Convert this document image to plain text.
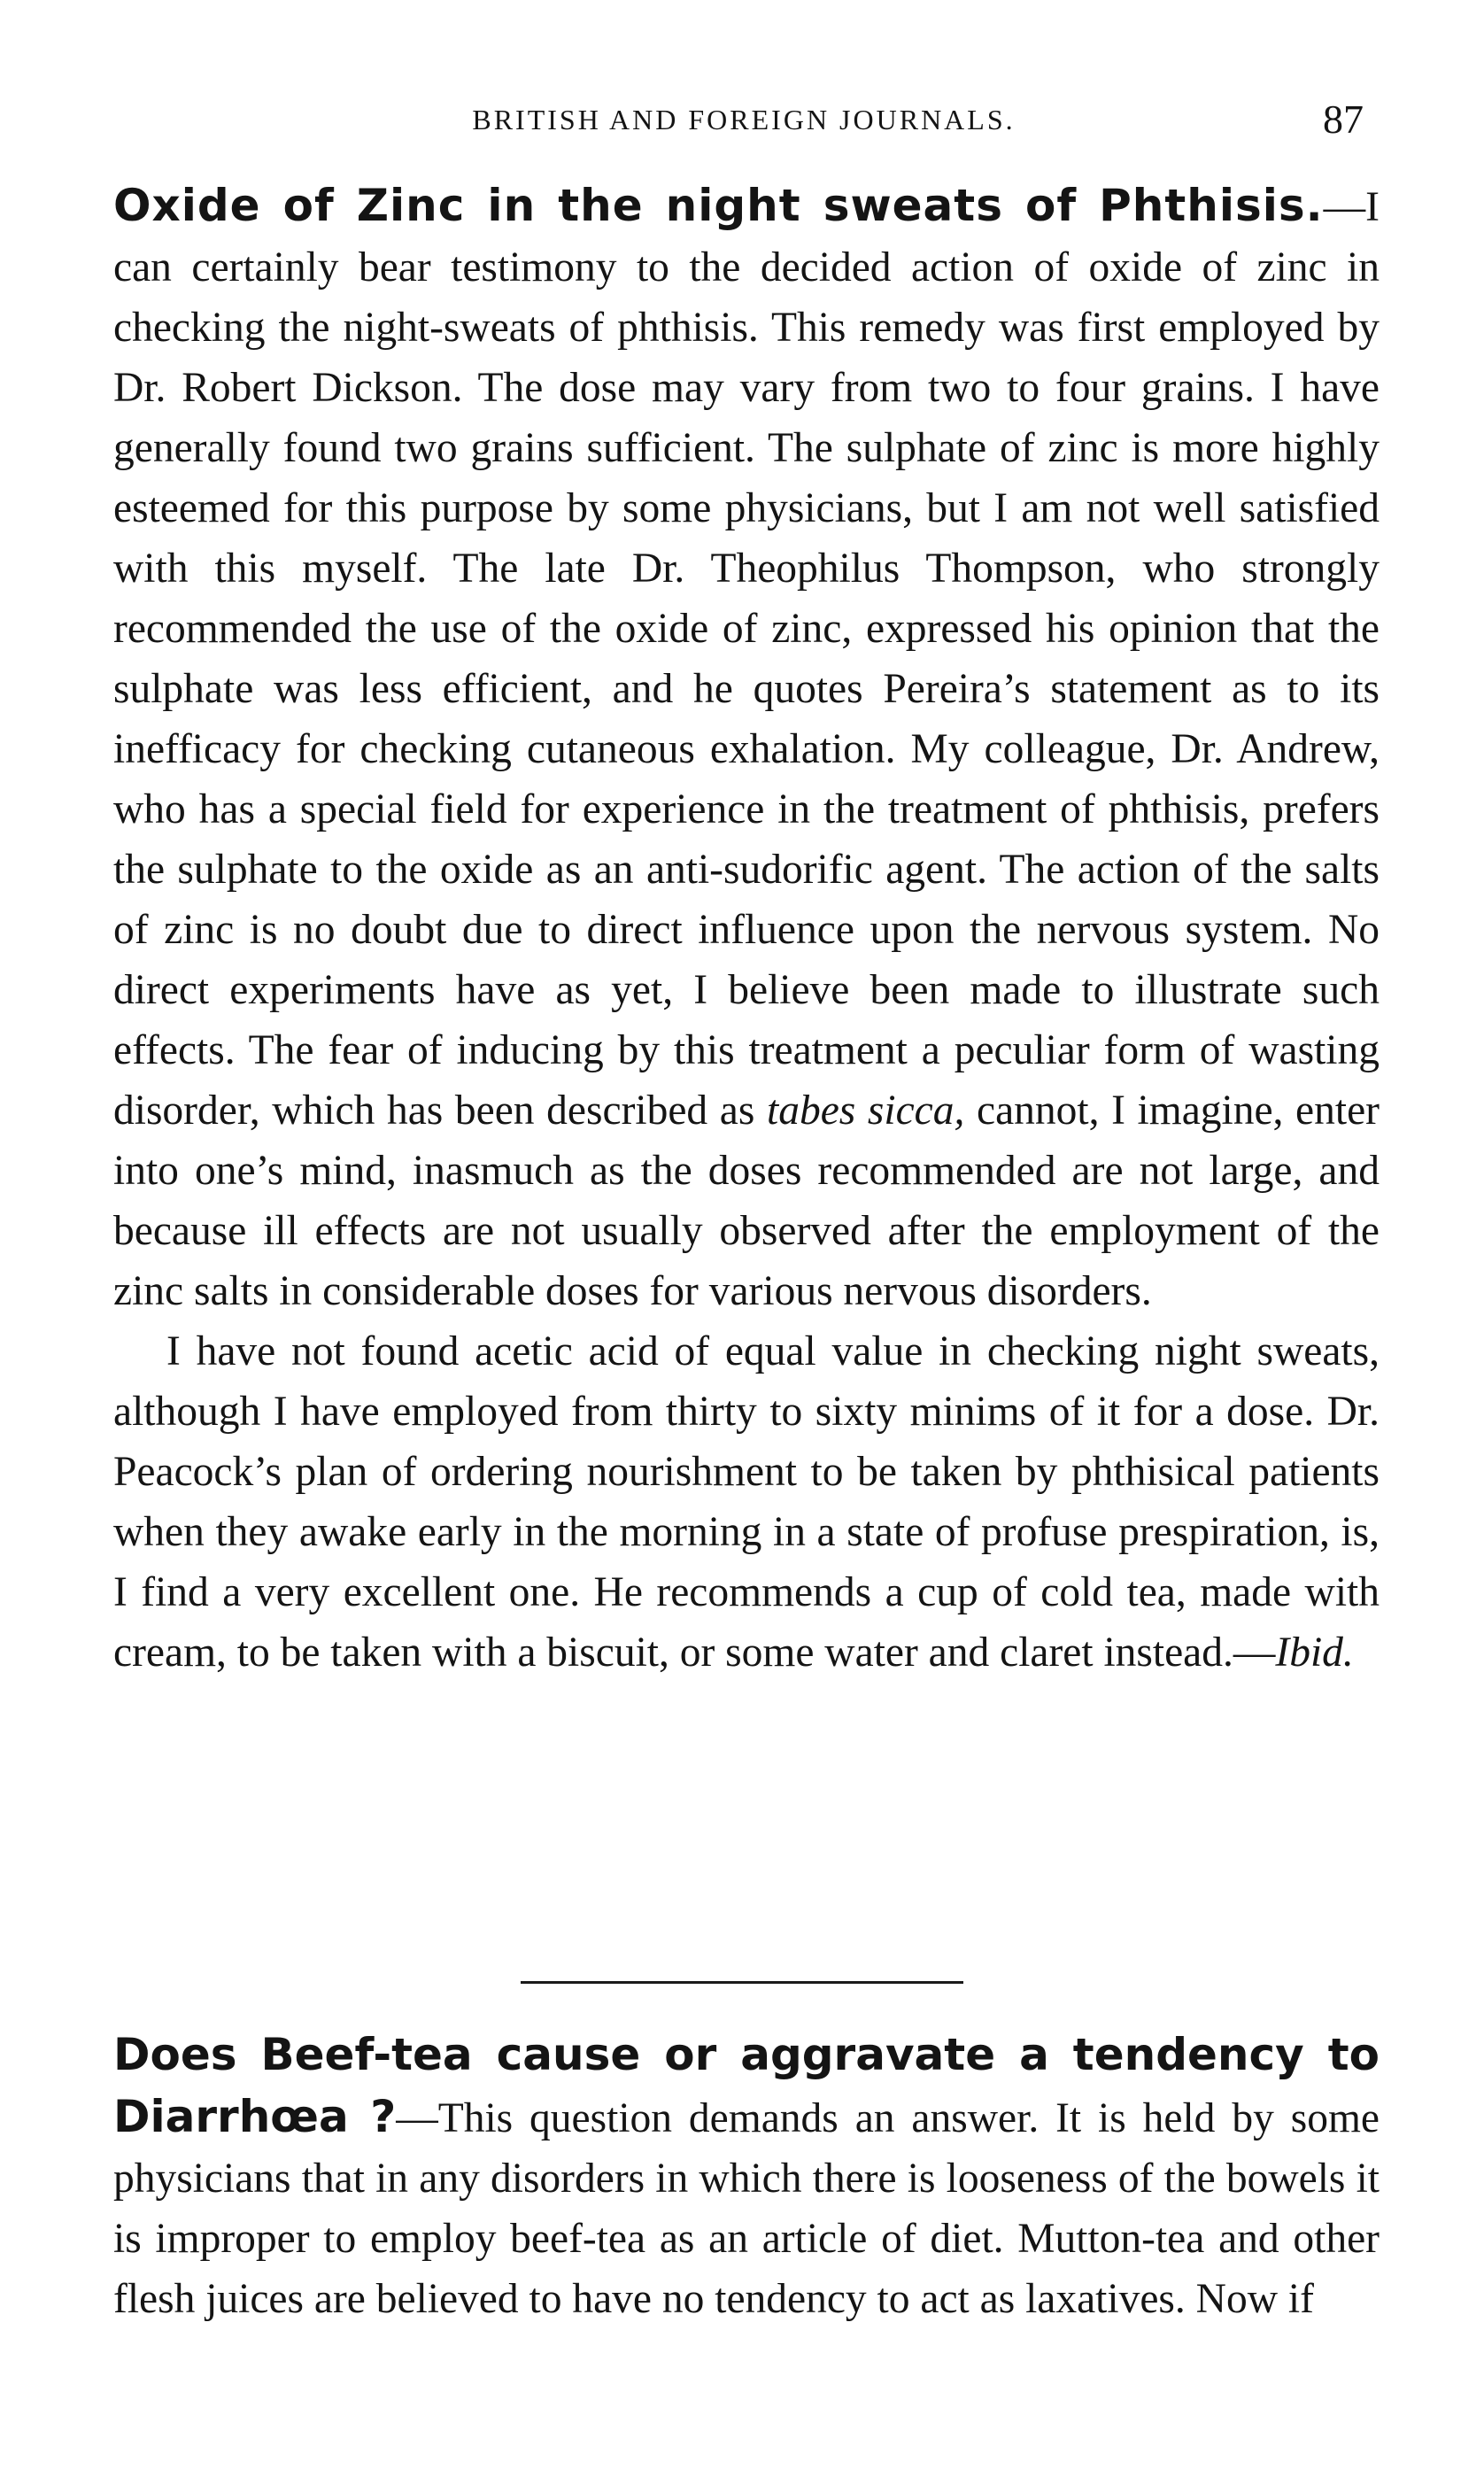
BRITISH AND FOREIGN JOURNALS.	87

Oxide of Zinc in the night sweats of Phthisis.—I can certainly bear testimony to the decided action of oxide of zinc in checking the night-sweats of phthisis. This remedy was first employed by Dr. Robert Dickson. The dose may vary from two to four grains. I have generally found two grains sufficient. The sulphate of zinc is more highly esteemed for this purpose by some physicians, but I am not well satisfied with this myself. The late Dr. Theophilus Thompson, who strongly recommended the use of the oxide of zinc, expressed his opinion that the sulphate was less efficient, and he quotes Pereira’s statement as to its inefficacy for checking cutaneous exhalation. My colleague, Dr. Andrew, who has a special field for experience in the treatment of phthisis, prefers the sulphate to the oxide as an anti-sudorific agent. The action of the salts of zinc is no doubt due to direct influence upon the nervous system. No direct experiments have as yet, I believe been made to illustrate such effects. The fear of inducing by this treatment a peculiar form of wasting disorder, which has been described as tabes sicca, cannot, I imagine, enter into one’s mind, inasmuch as the doses recommended are not large, and because ill effects are not usually observed after the employment of the zinc salts in considerable doses for various nervous disorders.

I have not found acetic acid of equal value in checking night sweats, although I have employed from thirty to sixty minims of it for a dose. Dr. Peacock’s plan of ordering nourishment to be taken by phthisical patients when they awake early in the morning in a state of profuse prespiration, is, I find a very excellent one. He recommends a cup of cold tea, made with cream, to be taken with a biscuit, or some water and claret instead.—Ibid.

Does Beef-tea cause or aggravate a tendency to Diarrhœa ?—This question demands an answer. It is held by some physicians that in any disorders in which there is looseness of the bowels it is improper to employ beef-tea as an article of diet. Mutton-tea and other flesh juices are believed to have no tendency to act as laxatives. Now if
